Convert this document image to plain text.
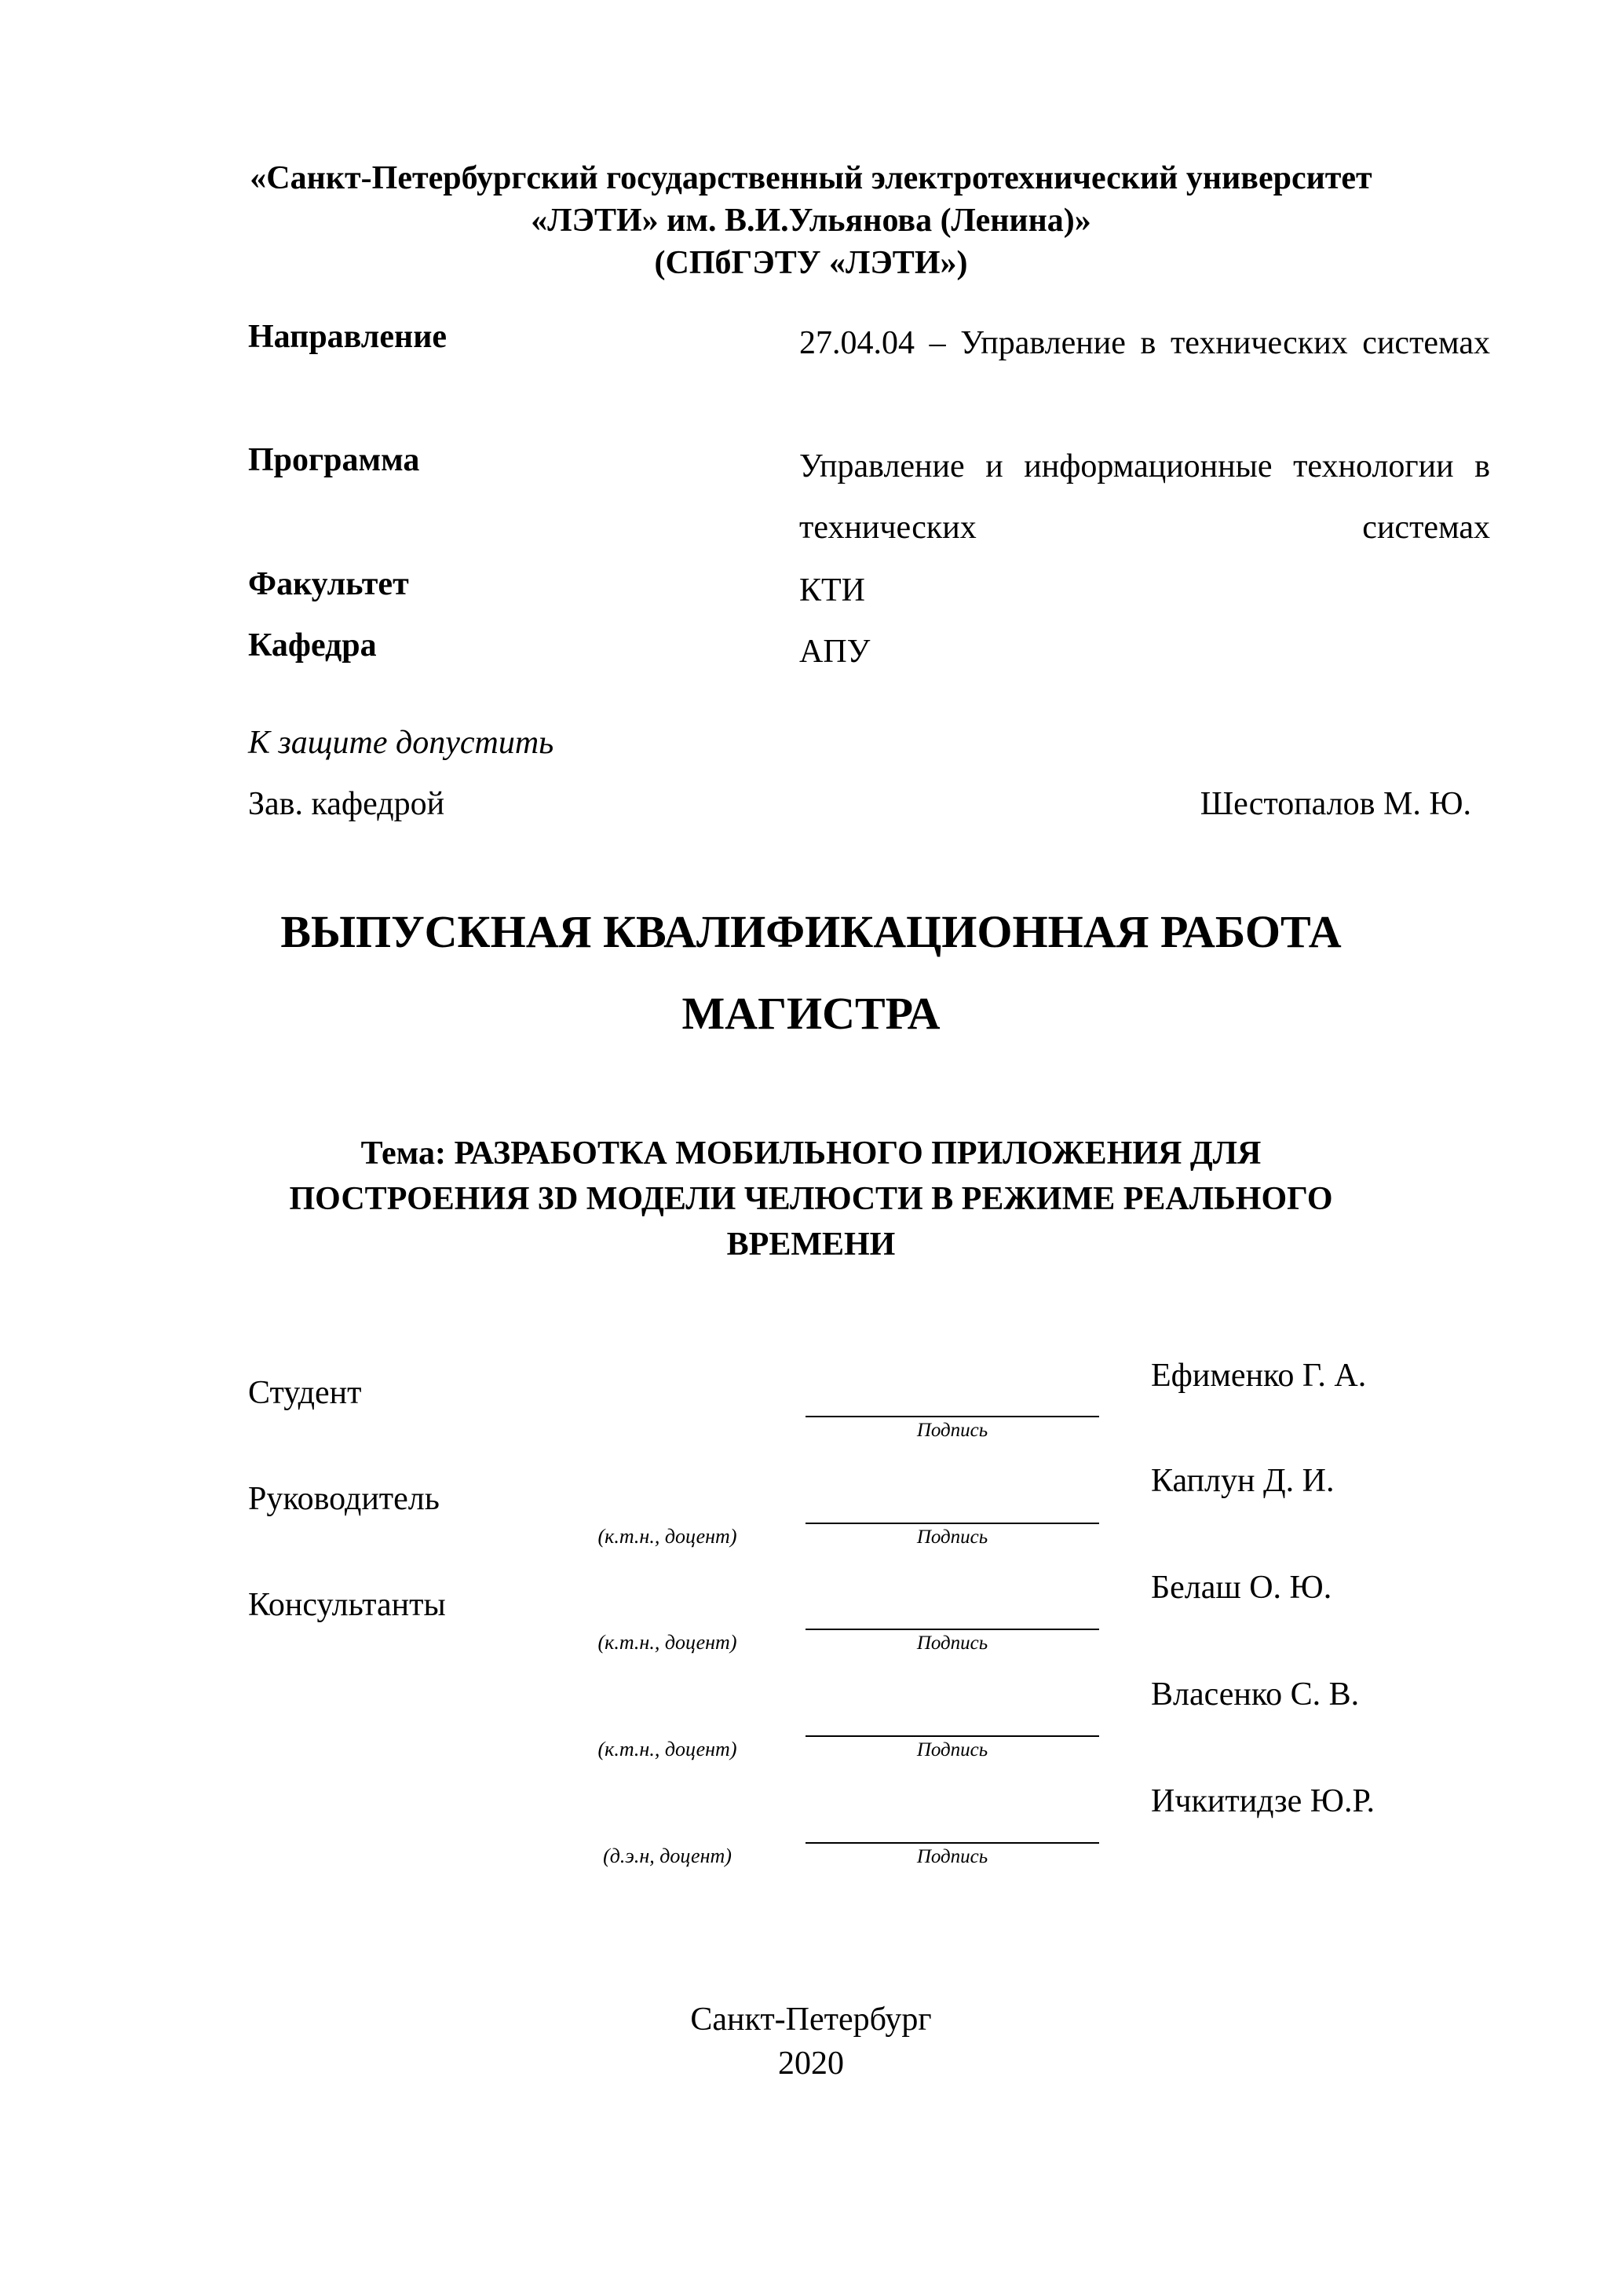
«Санкт-Петербургский государственный электротехнический университет
«ЛЭТИ» им. В.И.Ульянова (Ленина)»
(СПбГЭТУ «ЛЭТИ»)
Направление	27.04.04 – Управление в технических системах
Программа	Управление и информационные технологии в технических системах
Факультет	КТИ
Кафедра	АПУ
К защите допустить
Зав. кафедрой	Шестопалов М. Ю.
ВЫПУСКНАЯ КВАЛИФИКАЦИОННАЯ РАБОТА
МАГИСТРА
Тема: РАЗРАБОТКА МОБИЛЬНОГО ПРИЛОЖЕНИЯ ДЛЯ
ПОСТРОЕНИЯ 3D МОДЕЛИ ЧЕЛЮСТИ В РЕЖИМЕ РЕАЛЬНОГО
ВРЕМЕНИ
Студент	Ефименко Г. А.
Подпись
Руководитель	Каплун Д. И.
(к.т.н., доцент)	Подпись
Консультанты	Белаш О. Ю.
(к.т.н., доцент)	Подпись
Власенко С. В.
(к.т.н., доцент)	Подпись
Ичкитидзе Ю.Р.
(д.э.н, доцент)	Подпись
Санкт-Петербург
2020
